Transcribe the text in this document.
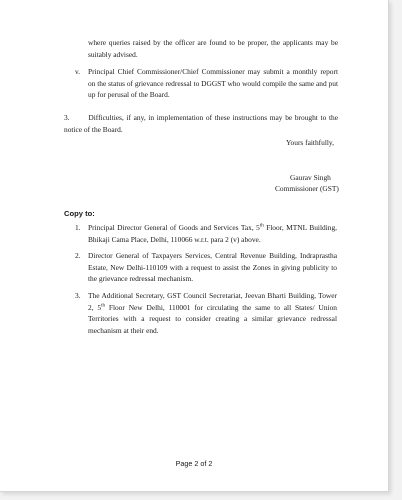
where queries raised by the officer are found to be proper, the applicants may be suitably advised.

v. Principal Chief Commissioner/Chief Commissioner may submit a monthly report on the status of grievance redressal to DGGST who would compile the same and put up for perusal of the Board.

3.	Difficulties, if any, in implementation of these instructions may be brought to the notice of the Board.

Yours faithfully,

Gaurav Singh

Commissioner (GST)

Copy to:

1. Principal Director General of Goods and Services Tax, 5th Floor, MTNL Building, Bhikaji Cama Place, Delhi, 110066 w.r.t. para 2 (v) above.

2. Director General of Taxpayers Services, Central Revenue Building, Indraprastha Estate, New Delhi-110109 with a request to assist the Zones in giving publicity to the grievance redressal mechanism.

3. The Additional Secretary, GST Council Secretariat, Jeevan Bharti Building, Tower 2, 5th Floor New Delhi, 110001 for circulating the same to all States/ Union Territories with a request to consider creating a similar grievance redressal mechanism at their end.

Page 2 of 2
